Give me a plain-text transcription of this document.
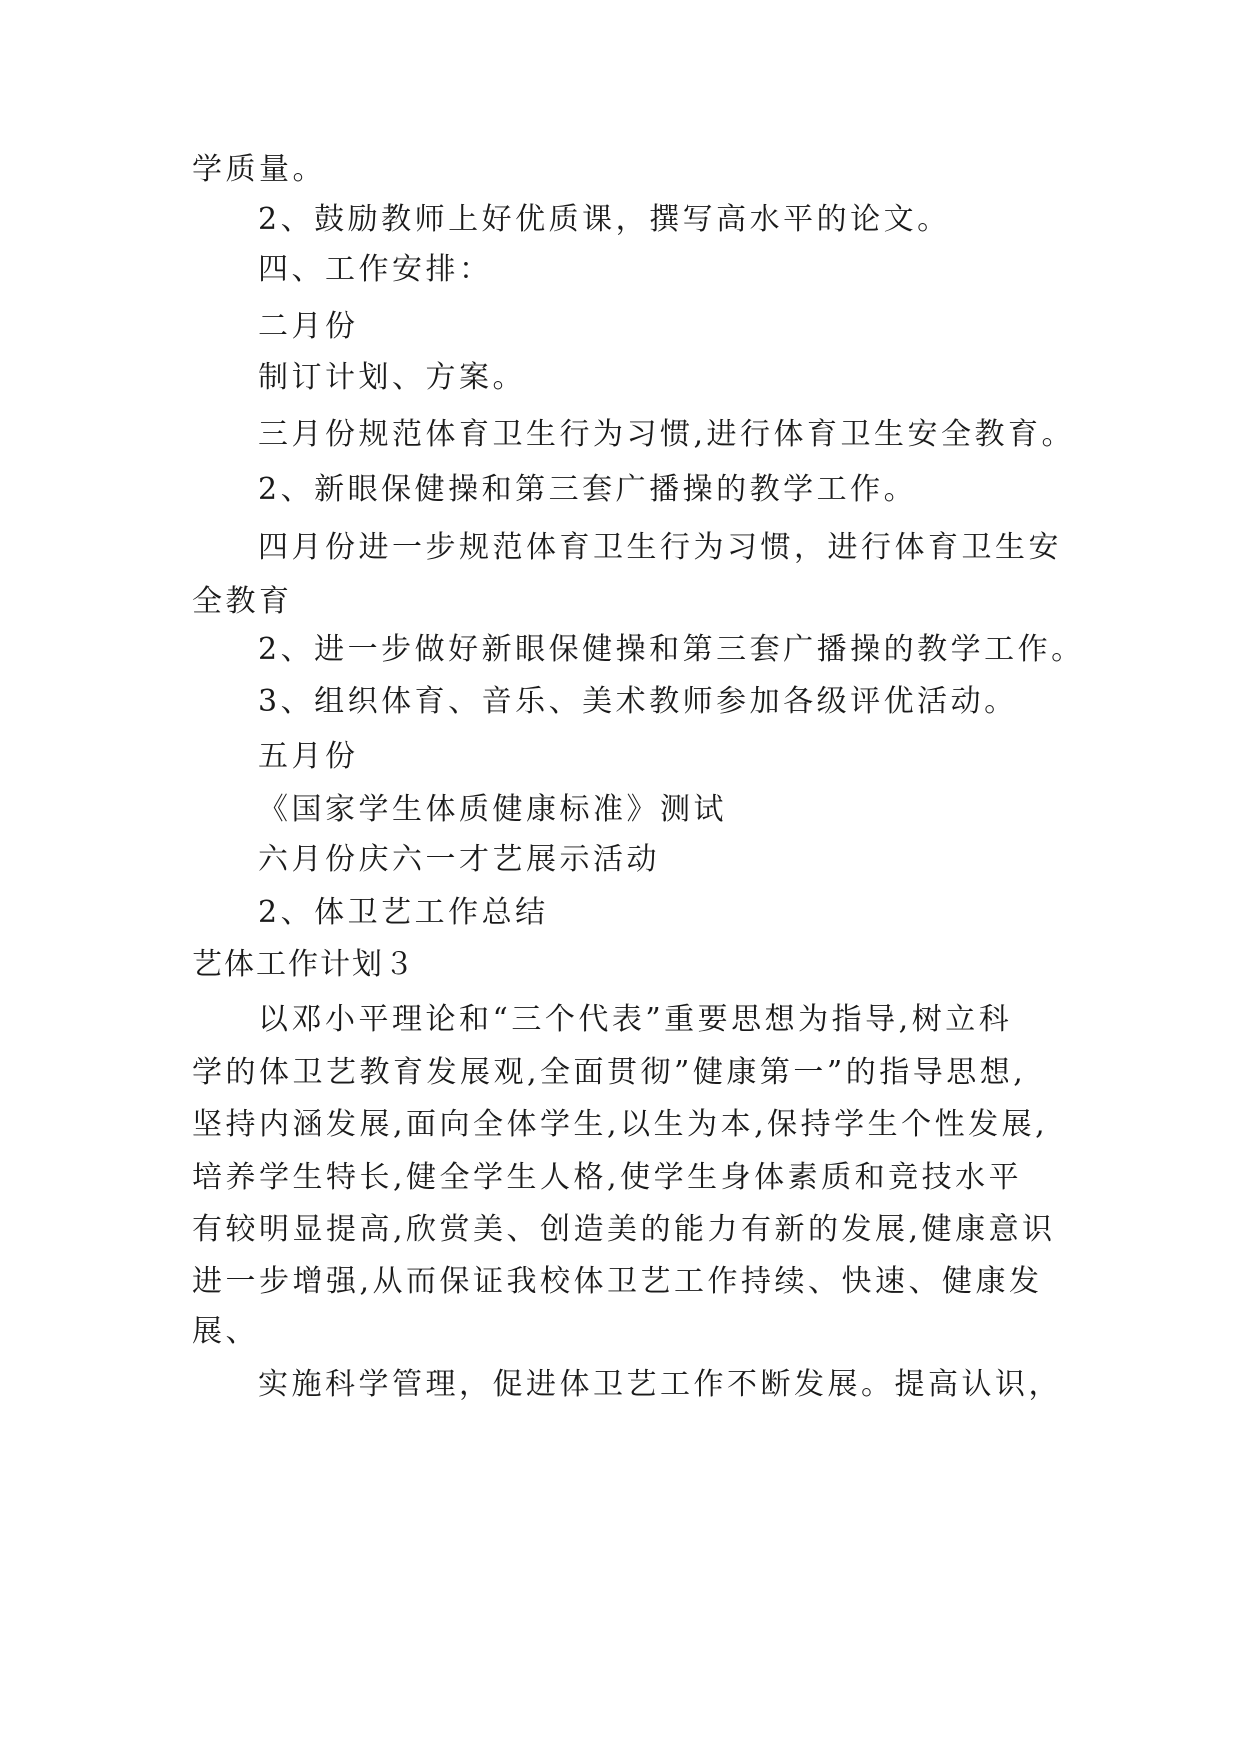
学质量。
2、鼓励教师上好优质课，撰写高水平的论文。
四、工作安排：
二月份
制订计划、方案。
三月份规范体育卫生行为习惯,进行体育卫生安全教育。
2、新眼保健操和第三套广播操的教学工作。
四月份进一步规范体育卫生行为习惯，进行体育卫生安
全教育
2、进一步做好新眼保健操和第三套广播操的教学工作。
3、组织体育、音乐、美术教师参加各级评优活动。
五月份
《国家学生体质健康标准》测试
六月份庆六一才艺展示活动
2、体卫艺工作总结
艺体工作计划３
以邓小平理论和“三个代表”重要思想为指导,树立科
学的体卫艺教育发展观,全面贯彻”健康第一”的指导思想,
坚持内涵发展,面向全体学生,以生为本,保持学生个性发展,
培养学生特长,健全学生人格,使学生身体素质和竞技水平
有较明显提高,欣赏美、创造美的能力有新的发展,健康意识
进一步增强,从而保证我校体卫艺工作持续、快速、健康发
展、
实施科学管理，促进体卫艺工作不断发展。提高认识，
